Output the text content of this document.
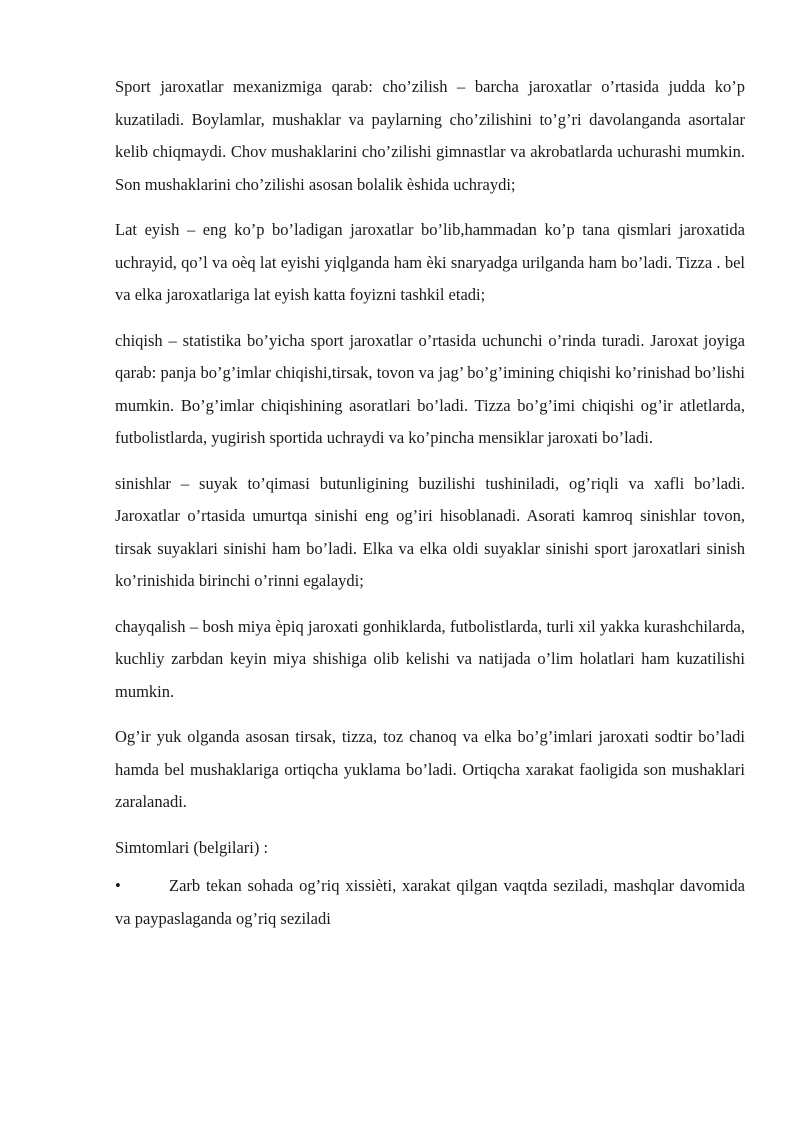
Sport jaroxatlar mexanizmiga qarab: cho’zilish – barcha jaroxatlar o’rtasida judda ko’p kuzatiladi. Boylamlar, mushaklar va paylarning cho’zilishini to’g’ri davolanganda asortalar kelib chiqmaydi. Chov mushaklarini cho’zilishi gimnastlar va akrobatlarda uchurashi mumkin. Son mushaklarini cho’zilishi asosan bolalik èshida uchraydi;

Lat eyish – eng ko’p bo’ladigan jaroxatlar bo’lib,hammadan ko’p tana qismlari jaroxatida uchrayid, qo’l va oèq lat eyishi yiqlganda ham èki snaryadga urilganda ham bo’ladi. Tizza . bel va elka jaroxatlariga lat eyish katta foyizni tashkil etadi;

chiqish – statistika bo’yicha sport jaroxatlar o’rtasida uchunchi o’rinda turadi. Jaroxat joyiga qarab: panja bo’g’imlar chiqishi,tirsak, tovon va jag’ bo’g’imining chiqishi ko’rinishad bo’lishi mumkin. Bo’g’imlar chiqishining asoratlari bo’ladi. Tizza bo’g’imi chiqishi og’ir atletlarda, futbolistlarda, yugirish sportida uchraydi va ko’pincha mensiklar jaroxati bo’ladi.

sinishlar – suyak to’qimasi butunligining buzilishi tushiniladi, og’riqli va xafli bo’ladi. Jaroxatlar o’rtasida umurtqa sinishi eng og’iri hisoblanadi. Asorati kamroq sinishlar tovon, tirsak suyaklari sinishi ham bo’ladi. Elka va elka oldi suyaklar sinishi sport jaroxatlari sinish ko’rinishida birinchi o’rinni egalaydi;

chayqalish – bosh miya èpiq jaroxati gonhiklarda, futbolistlarda, turli xil yakka kurashchilarda, kuchliy zarbdan keyin miya shishiga olib kelishi va natijada o’lim holatlari ham kuzatilishi mumkin.

Og’ir yuk olganda asosan tirsak, tizza, toz chanoq va elka bo’g’imlari jaroxati sodtir bo’ladi hamda bel mushaklariga ortiqcha yuklama bo’ladi. Ortiqcha xarakat faoligida son mushaklari zaralanadi.

Simtomlari (belgilari) :

•	Zarb tekan sohada og’riq xissièti, xarakat qilgan vaqtda seziladi, mashqlar davomida va paypaslaganda og’riq seziladi
